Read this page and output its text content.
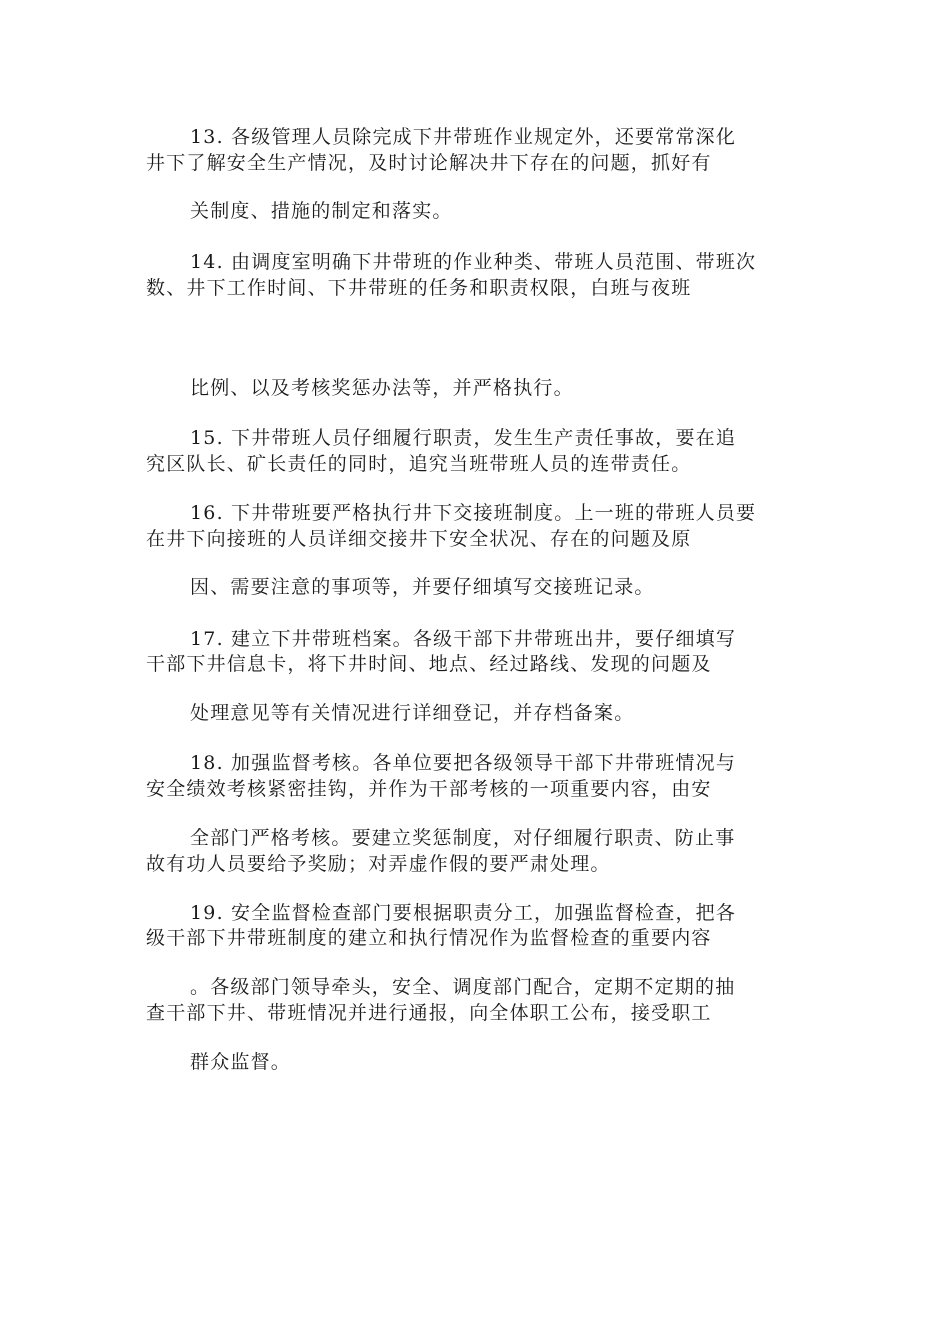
13. 各级管理人员除完成下井带班作业规定外，还要常常深化
井下了解安全生产情况，及时讨论解决井下存在的问题，抓好有
关制度、措施的制定和落实。
14. 由调度室明确下井带班的作业种类、带班人员范围、带班次
数、井下工作时间、下井带班的任务和职责权限，白班与夜班
比例、以及考核奖惩办法等，并严格执行。
15. 下井带班人员仔细履行职责，发生生产责任事故，要在追
究区队长、矿长责任的同时，追究当班带班人员的连带责任。
16. 下井带班要严格执行井下交接班制度。上一班的带班人员要
在井下向接班的人员详细交接井下安全状况、存在的问题及原
因、需要注意的事项等，并要仔细填写交接班记录。
17. 建立下井带班档案。各级干部下井带班出井，要仔细填写
干部下井信息卡，将下井时间、地点、经过路线、发现的问题及
处理意见等有关情况进行详细登记，并存档备案。
18. 加强监督考核。各单位要把各级领导干部下井带班情况与
安全绩效考核紧密挂钩，并作为干部考核的一项重要内容，由安
全部门严格考核。要建立奖惩制度，对仔细履行职责、防止事
故有功人员要给予奖励；对弄虚作假的要严肃处理。
19. 安全监督检查部门要根据职责分工，加强监督检查，把各
级干部下井带班制度的建立和执行情况作为监督检查的重要内容
。各级部门领导牵头，安全、调度部门配合，定期不定期的抽
查干部下井、带班情况并进行通报，向全体职工公布，接受职工
群众监督。
